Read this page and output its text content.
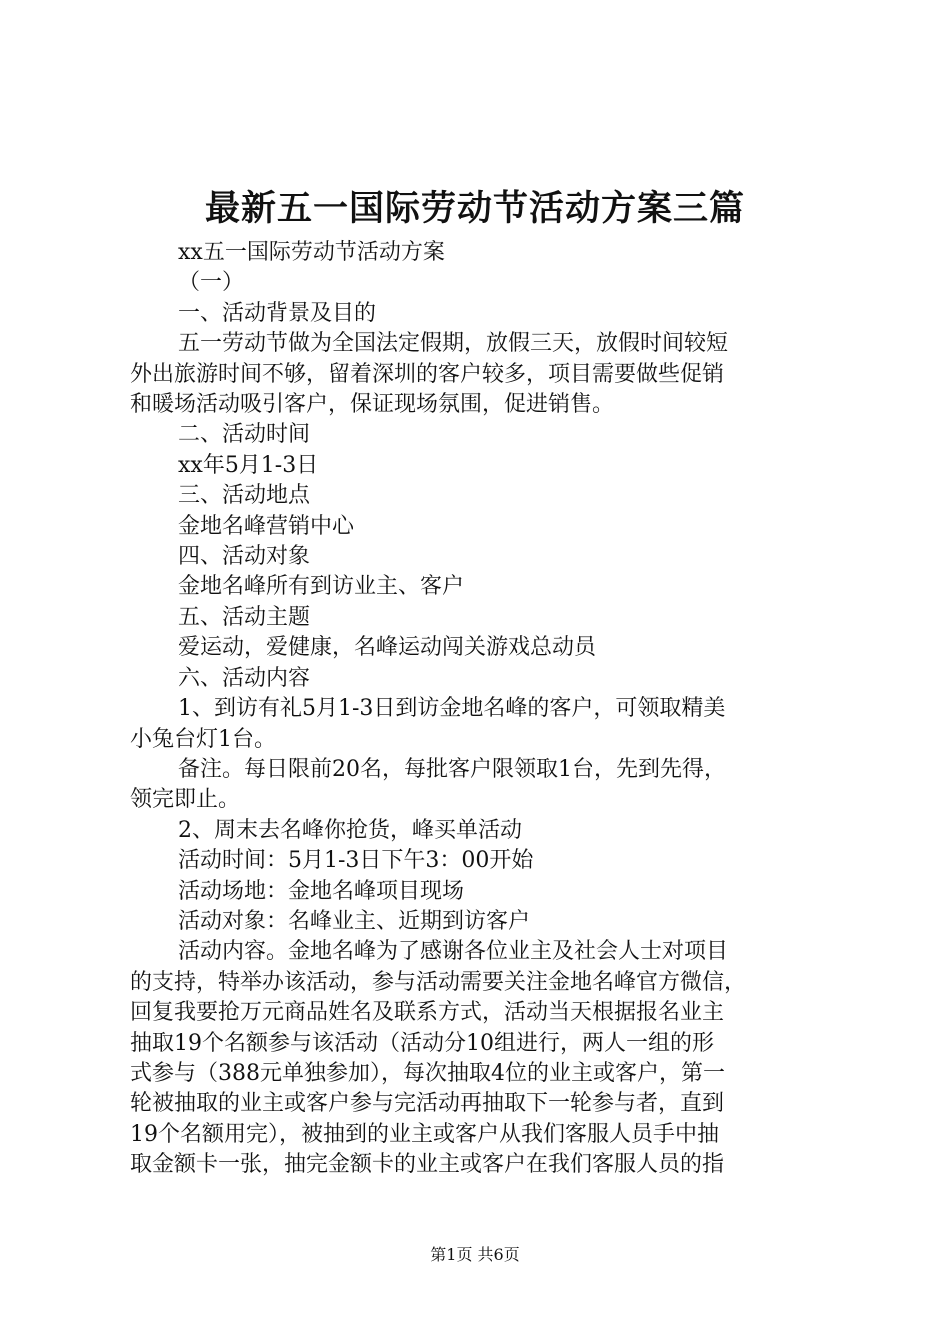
最新五一国际劳动节活动方案三篇
xx五一国际劳动节活动方案
（一）
一、活动背景及目的
五一劳动节做为全国法定假期，放假三天，放假时间较短
外出旅游时间不够，留着深圳的客户较多，项目需要做些促销
和暖场活动吸引客户，保证现场氛围，促进销售。
二、活动时间
xx年5月1-3日
三、活动地点
金地名峰营销中心
四、活动对象
金地名峰所有到访业主、客户
五、活动主题
爱运动，爱健康，名峰运动闯关游戏总动员
六、活动内容
1、到访有礼5月1-3日到访金地名峰的客户，可领取精美
小兔台灯1台。
备注。每日限前20名，每批客户限领取1台，先到先得，
领完即止。
2、周末去名峰你抢货，峰买单活动
活动时间：5月1-3日下午3：00开始
活动场地：金地名峰项目现场
活动对象：名峰业主、近期到访客户
活动内容。金地名峰为了感谢各位业主及社会人士对项目
的支持，特举办该活动，参与活动需要关注金地名峰官方微信，
回复我要抢万元商品姓名及联系方式，活动当天根据报名业主
抽取19个名额参与该活动（活动分10组进行，两人一组的形
式参与（388元单独参加），每次抽取4位的业主或客户，第一
轮被抽取的业主或客户参与完活动再抽取下一轮参与者，直到
19个名额用完），被抽到的业主或客户从我们客服人员手中抽
取金额卡一张，抽完金额卡的业主或客户在我们客服人员的指
第1页 共6页
